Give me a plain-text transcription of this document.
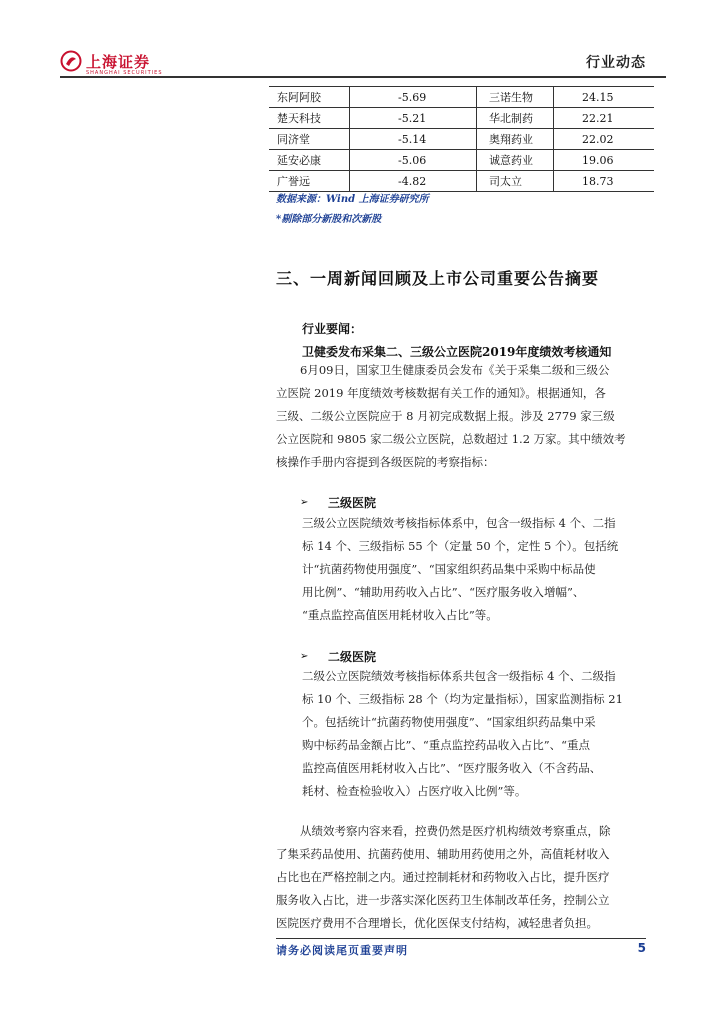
上海证券
SHANGHAI SECURITIES
行业动态
东阿阿胶	-5.69	三诺生物	24.15
楚天科技	-5.21	华北制药	22.21
同济堂	-5.14	奥翔药业	22.02
延安必康	-5.06	诚意药业	19.06
广誉远	-4.82	司太立	18.73
数据来源：Wind 上海证券研究所
*剔除部分新股和次新股
三、一周新闻回顾及上市公司重要公告摘要
行业要闻：
卫健委发布采集二、三级公立医院2019年度绩效考核通知
6月09日，国家卫生健康委员会发布《关于采集二级和三级公
立医院 2019 年度绩效考核数据有关工作的通知》。根据通知，各
三级、二级公立医院应于 8 月初完成数据上报。涉及 2779 家三级
公立医院和 9805 家二级公立医院，总数超过 1.2 万家。其中绩效考
核操作手册内容提到各级医院的考察指标：
➢	三级医院
三级公立医院绩效考核指标体系中，包含一级指标 4 个、二指
标 14 个、三级指标 55 个（定量 50 个，定性 5 个）。包括统
计“抗菌药物使用强度”、“国家组织药品集中采购中标品使
用比例”、“辅助用药收入占比”、“医疗服务收入增幅”、
“重点监控高值医用耗材收入占比”等。
➢	二级医院
二级公立医院绩效考核指标体系共包含一级指标 4 个、二级指
标 10 个、三级指标 28 个（均为定量指标），国家监测指标 21
个。包括统计“抗菌药物使用强度”、“国家组织药品集中采
购中标药品金额占比”、“重点监控药品收入占比”、“重点
监控高值医用耗材收入占比”、“医疗服务收入（不含药品、
耗材、检查检验收入）占医疗收入比例”等。
从绩效考察内容来看，控费仍然是医疗机构绩效考察重点，除
了集采药品使用、抗菌药使用、辅助用药使用之外，高值耗材收入
占比也在严格控制之内。通过控制耗材和药物收入占比，提升医疗
服务收入占比，进一步落实深化医药卫生体制改革任务，控制公立
医院医疗费用不合理增长，优化医保支付结构，减轻患者负担。
请务必阅读尾页重要声明	5
